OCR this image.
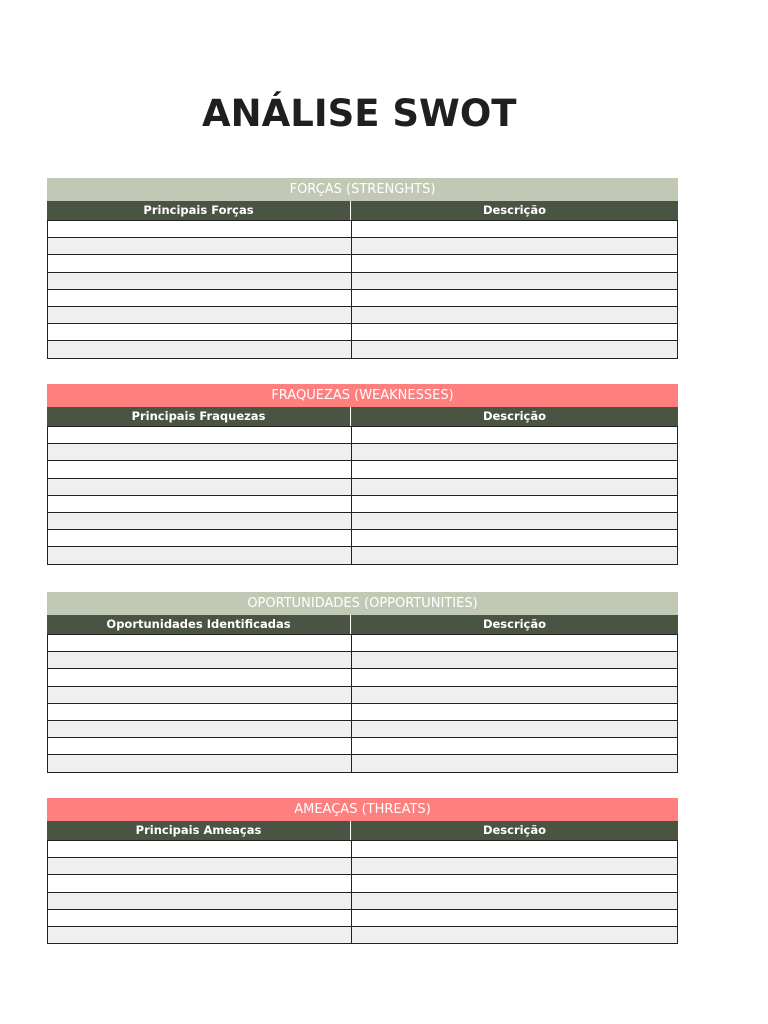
ANÁLISE SWOT
FORÇAS (STRENGHTS)
Principais Forças	Descrição
FRAQUEZAS (WEAKNESSES)
Principais Fraquezas	Descrição
OPORTUNIDADES (OPPORTUNITIES)
Oportunidades Identificadas	Descrição
AMEAÇAS (THREATS)
Principais Ameaças	Descrição
